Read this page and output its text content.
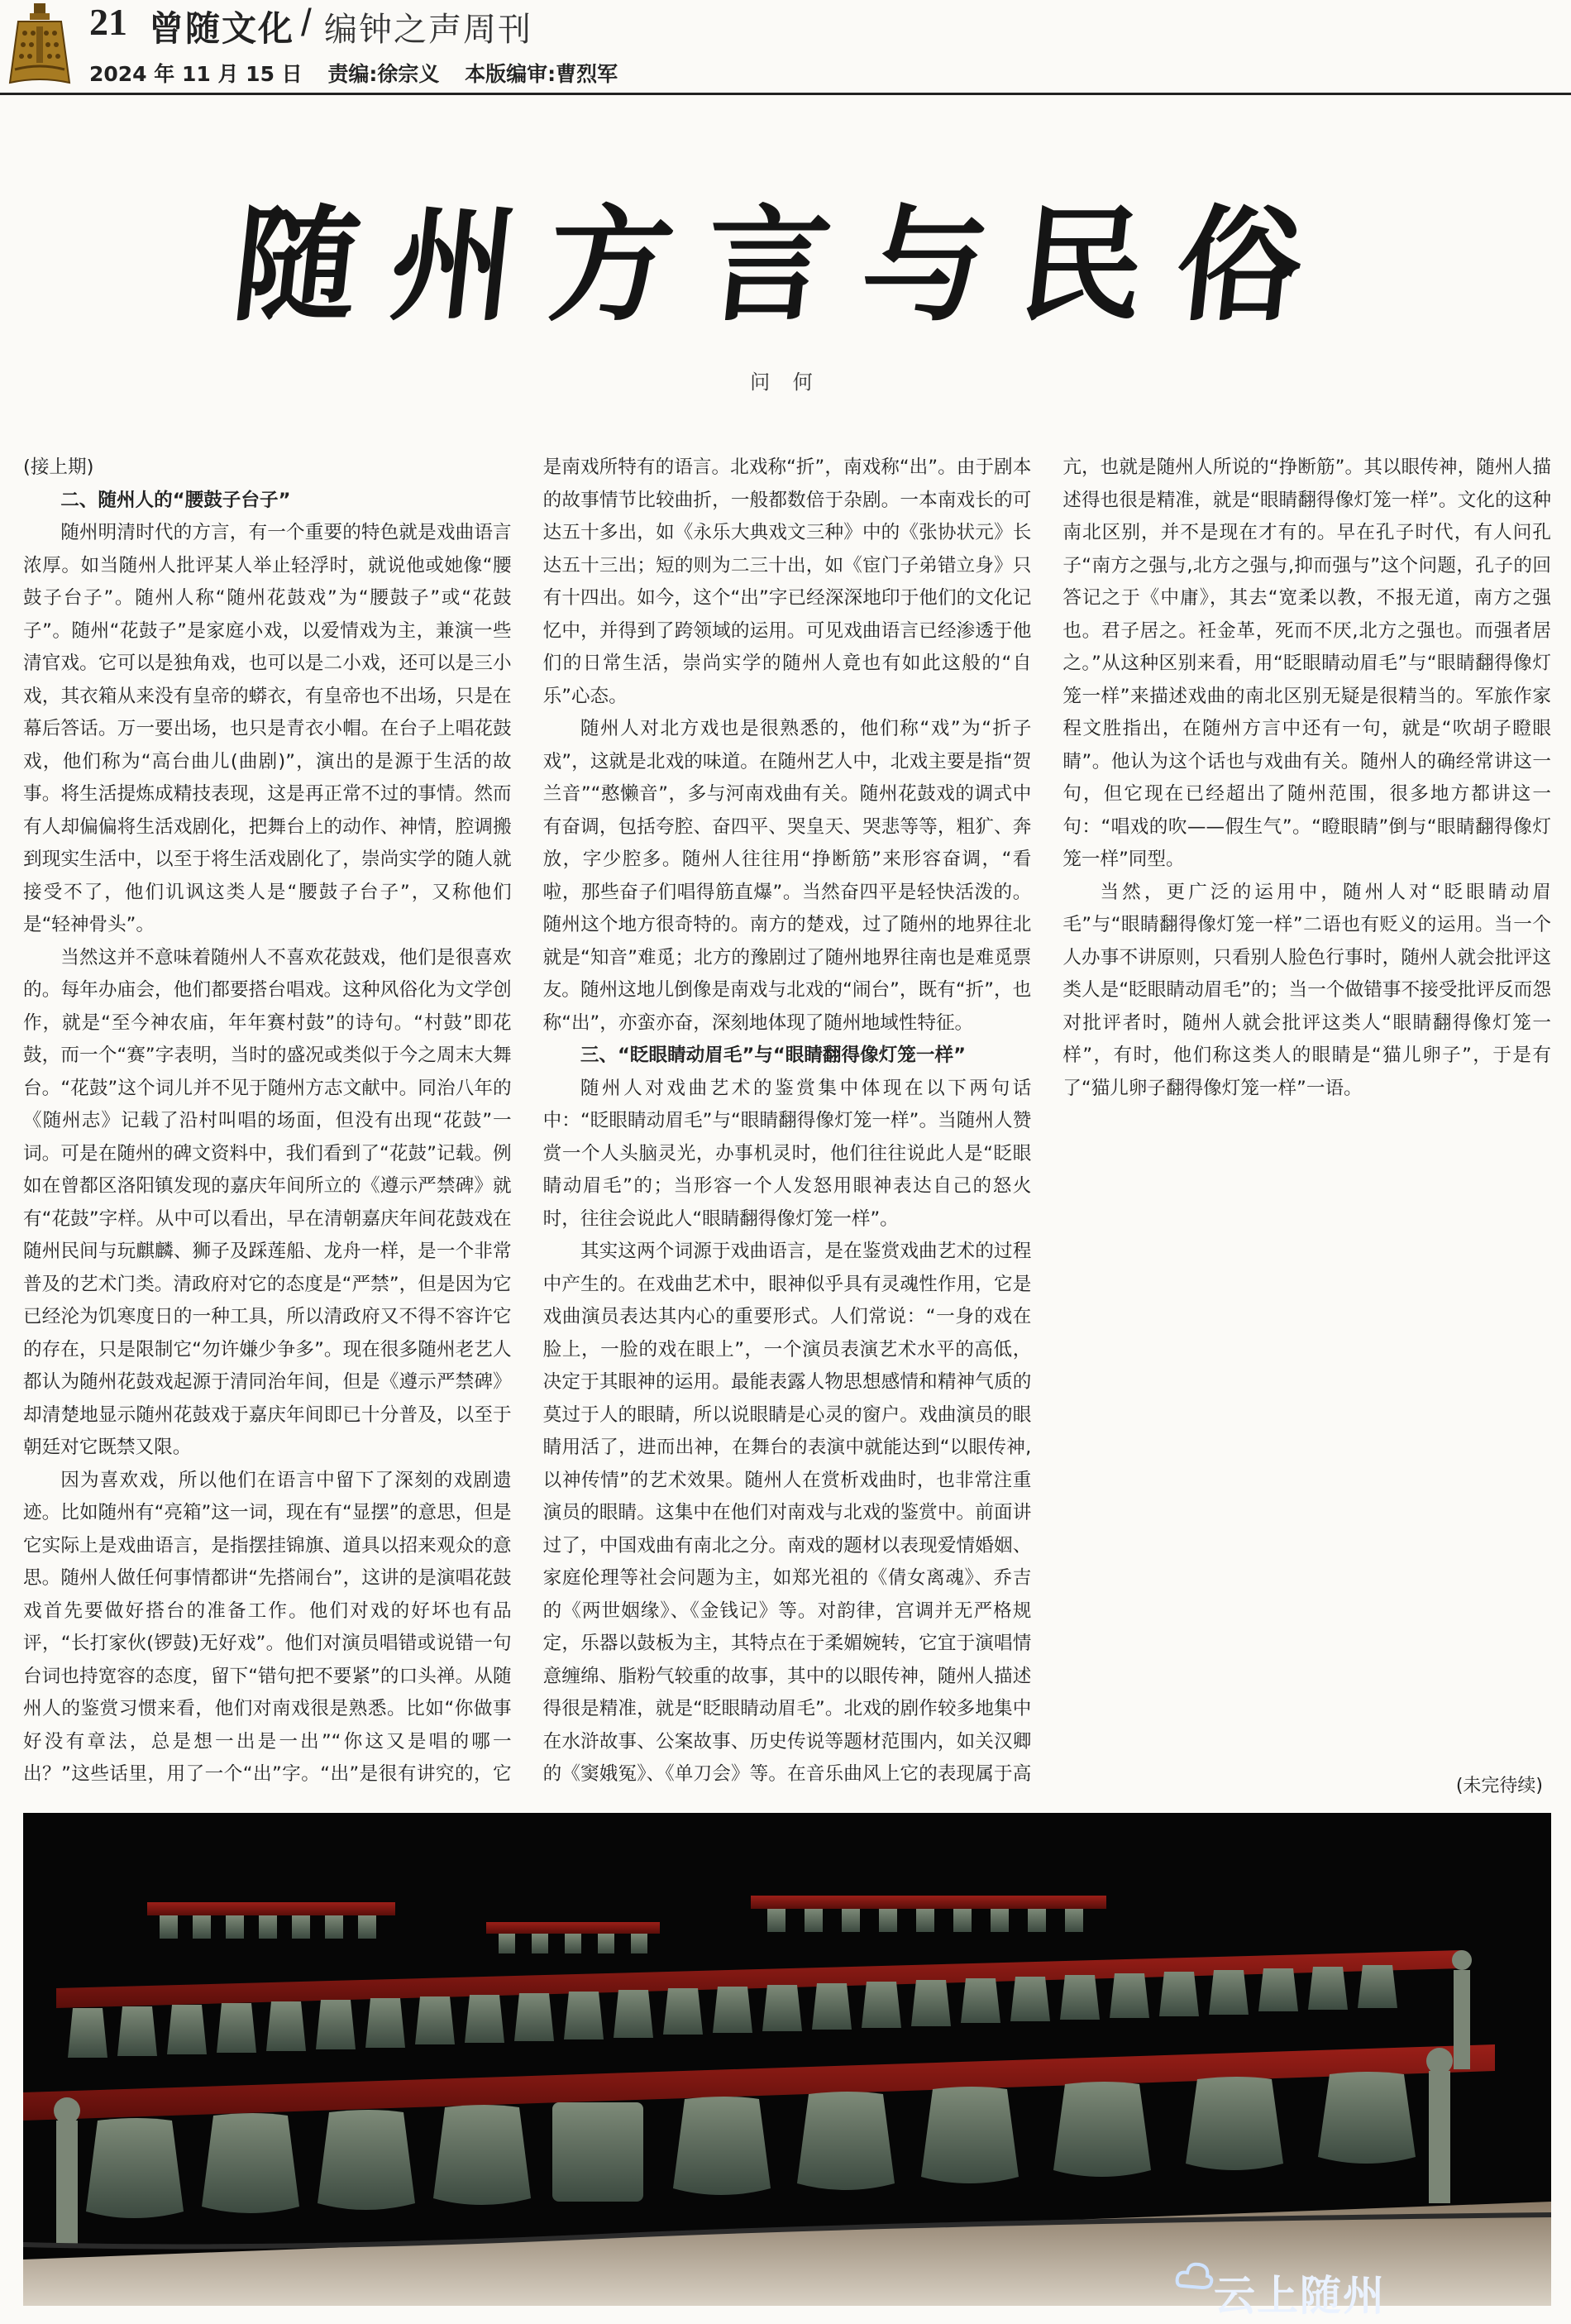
21 曾随文化 / 编钟之声周刊
2024 年 11 月 15 日 责编:徐宗义 本版编审:曹烈军
随州方言与民俗
问 何

(接上期)

二、随州人的“腰鼓子台子”

随州明清时代的方言，有一个重要的特色就是戏曲语言浓厚。如当随州人批评某人举止轻浮时，就说他或她像“腰鼓子台子”。随州人称“随州花鼓戏”为“腰鼓子”或“花鼓子”。随州“花鼓子”是家庭小戏，以爱情戏为主，兼演一些清官戏。它可以是独角戏，也可以是二小戏，还可以是三小戏，其衣箱从来没有皇帝的蟒衣，有皇帝也不出场，只是在幕后答话。万一要出场，也只是青衣小帽。在台子上唱花鼓戏，他们称为“高台曲儿(曲剧)”，演出的是源于生活的故事。将生活提炼成精技表现，这是再正常不过的事情。然而有人却偏偏将生活戏剧化，把舞台上的动作、神情，腔调搬到现实生活中，以至于将生活戏剧化了，崇尚实学的随人就接受不了，他们讥讽这类人是“腰鼓子台子”，又称他们是“轻神骨头”。

当然这并不意味着随州人不喜欢花鼓戏，他们是很喜欢的。每年办庙会，他们都要搭台唱戏。这种风俗化为文学创作，就是“至今神农庙，年年赛村鼓”的诗句。“村鼓”即花鼓，而一个“赛”字表明，当时的盛况或类似于今之周末大舞台。“花鼓”这个词儿并不见于随州方志文献中。同治八年的《随州志》记载了沿村叫唱的场面，但没有出现“花鼓”一词。可是在随州的碑文资料中，我们看到了“花鼓”记载。例如在曾都区洛阳镇发现的嘉庆年间所立的《遵示严禁碑》就有“花鼓”字样。从中可以看出，早在清朝嘉庆年间花鼓戏在随州民间与玩麒麟、狮子及踩莲船、龙舟一样，是一个非常普及的艺术门类。清政府对它的态度是“严禁”，但是因为它已经沦为饥寒度日的一种工具，所以清政府又不得不容许它的存在，只是限制它“勿许嫌少争多”。现在很多随州老艺人都认为随州花鼓戏起源于清同治年间，但是《遵示严禁碑》却清楚地显示随州花鼓戏于嘉庆年间即已十分普及，以至于朝廷对它既禁又限。

因为喜欢戏，所以他们在语言中留下了深刻的戏剧遗迹。比如随州有“亮箱”这一词，现在有“显摆”的意思，但是它实际上是戏曲语言，是指摆挂锦旗、道具以招来观众的意思。随州人做任何事情都讲“先搭闹台”，这讲的是演唱花鼓戏首先要做好搭台的准备工作。他们对戏的好坏也有品评，“长打家伙(锣鼓)无好戏”。他们对演员唱错或说错一句台词也持宽容的态度，留下“错句把不要紧”的口头禅。从随州人的鉴赏习惯来看，他们对南戏很是熟悉。比如“你做事好没有章法，总是想一出是一出”“你这又是唱的哪一出？”这些话里，用了一个“出”字。“出”是很有讲究的，它是南戏所特有的语言。北戏称“折”，南戏称“出”。由于剧本的故事情节比较曲折，一般都数倍于杂剧。一本南戏长的可达五十多出，如《永乐大典戏文三种》中的《张协状元》长达五十三出；短的则为二三十出，如《宦门子弟错立身》只有十四出。如今，这个“出”字已经深深地印于他们的文化记忆中，并得到了跨领域的运用。可见戏曲语言已经渗透于他们的日常生活，崇尚实学的随州人竟也有如此这般的“自乐”心态。

随州人对北方戏也是很熟悉的，他们称“戏”为“折子戏”，这就是北戏的味道。在随州艺人中，北戏主要是指“贺兰音”“憨懒音”，多与河南戏曲有关。随州花鼓戏的调式中有奋调，包括夸腔、奋四平、哭皇天、哭悲等等，粗犷、奔放，字少腔多。随州人往往用“挣断筋”来形容奋调，“看啦，那些奋子们唱得筋直爆”。当然奋四平是轻快活泼的。随州这个地方很奇特的。南方的楚戏，过了随州的地界往北就是“知音”难觅；北方的豫剧过了随州地界往南也是难觅票友。随州这地儿倒像是南戏与北戏的“闹台”，既有“折”，也称“出”，亦蛮亦奋，深刻地体现了随州地域性特征。

三、“眨眼睛动眉毛”与“眼睛翻得像灯笼一样”

随州人对戏曲艺术的鉴赏集中体现在以下两句话中：“眨眼睛动眉毛”与“眼睛翻得像灯笼一样”。当随州人赞赏一个人头脑灵光，办事机灵时，他们往往说此人是“眨眼睛动眉毛”的；当形容一个人发怒用眼神表达自己的怒火时，往往会说此人“眼睛翻得像灯笼一样”。

其实这两个词源于戏曲语言，是在鉴赏戏曲艺术的过程中产生的。在戏曲艺术中，眼神似乎具有灵魂性作用，它是戏曲演员表达其内心的重要形式。人们常说：“一身的戏在脸上，一脸的戏在眼上”，一个演员表演艺术水平的高低，决定于其眼神的运用。最能表露人物思想感情和精神气质的莫过于人的眼睛，所以说眼睛是心灵的窗户。戏曲演员的眼睛用活了，进而出神，在舞台的表演中就能达到“以眼传神,以神传情”的艺术效果。随州人在赏析戏曲时，也非常注重演员的眼睛。这集中在他们对南戏与北戏的鉴赏中。前面讲过了，中国戏曲有南北之分。南戏的题材以表现爱情婚姻、家庭伦理等社会问题为主，如郑光祖的《倩女离魂》、乔吉的《两世姻缘》、《金钱记》等。对韵律，宫调并无严格规定，乐器以鼓板为主，其特点在于柔媚婉转，它宜于演唱情意缠绵、脂粉气较重的故事，其中的以眼传神，随州人描述得很是精准，就是“眨眼睛动眉毛”。北戏的剧作较多地集中在水浒故事、公案故事、历史传说等题材范围内，如关汉卿的《窦娥冤》、《单刀会》等。在音乐曲风上它的表现属于高亢，也就是随州人所说的“挣断筋”。其以眼传神，随州人描述得也很是精准，就是“眼睛翻得像灯笼一样”。文化的这种南北区别，并不是现在才有的。早在孔子时代，有人问孔子“南方之强与,北方之强与,抑而强与”这个问题，孔子的回答记之于《中庸》，其去“宽柔以教，不报无道，南方之强也。君子居之。衽金革，死而不厌,北方之强也。而强者居之。”从这种区别来看，用“眨眼睛动眉毛”与“眼睛翻得像灯笼一样”来描述戏曲的南北区别无疑是很精当的。军旅作家程文胜指出，在随州方言中还有一句，就是“吹胡子瞪眼睛”。他认为这个话也与戏曲有关。随州人的确经常讲这一句，但它现在已经超出了随州范围，很多地方都讲这一句：“唱戏的吹——假生气”。“瞪眼睛”倒与“眼睛翻得像灯笼一样”同型。

当然，更广泛的运用中，随州人对“眨眼睛动眉毛”与“眼睛翻得像灯笼一样”二语也有贬义的运用。当一个人办事不讲原则，只看别人脸色行事时，随州人就会批评这类人是“眨眼睛动眉毛”的；当一个做错事不接受批评反而怨对批评者时，随州人就会批评这类人“眼睛翻得像灯笼一样”，有时，他们称这类人的眼睛是“猫儿卵子”，于是有了“猫儿卵子翻得像灯笼一样”一语。

(未完待续)
云上随州
